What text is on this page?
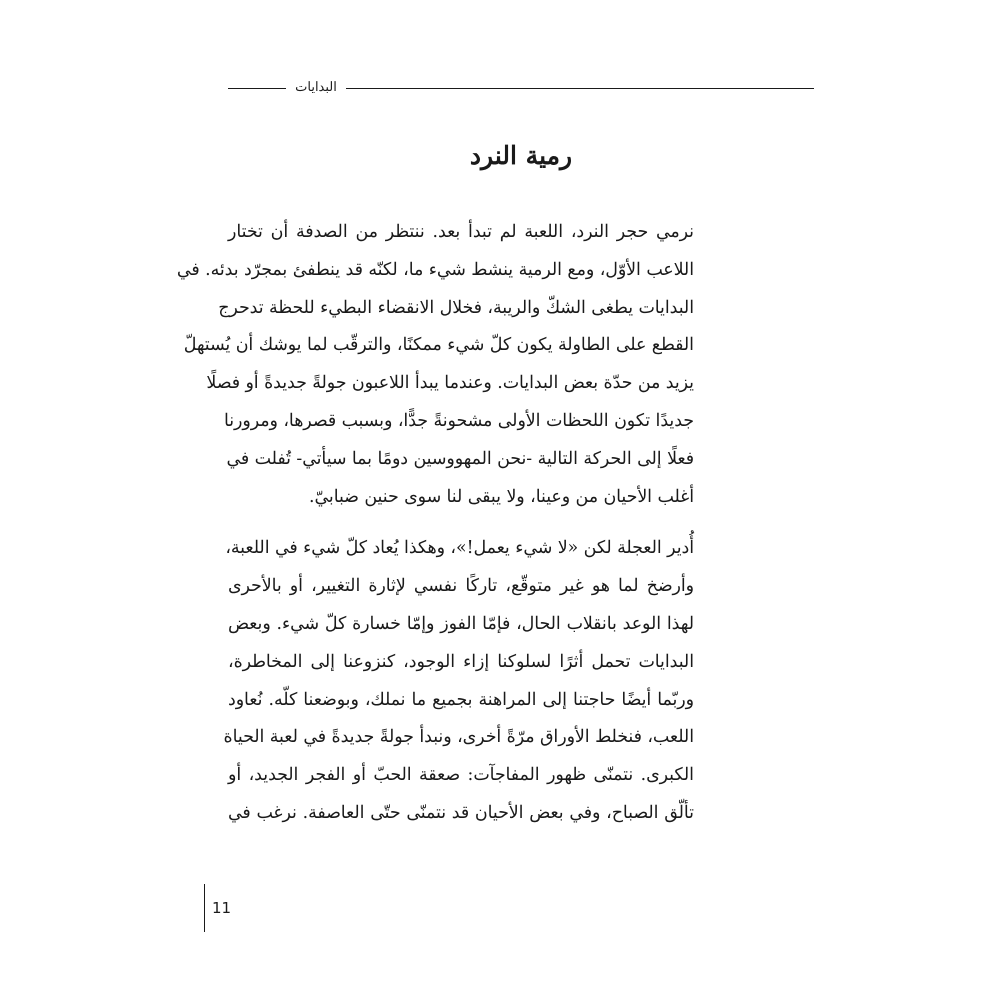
البدايات
رمية النرد
نرمي حجر النرد، اللعبة لم تبدأ بعد. ننتظر من الصدفة أن تختار
اللاعب الأوّل، ومع الرمية ينشط شيء ما، لكنّه قد ينطفئ بمجرّد بدئه. في
البدايات يطغى الشكّ والريبة، فخلال الانقضاء البطيء للحظة تدحرج
القطع على الطاولة يكون كلّ شيء ممكنًا، والترقّب لما يوشك أن يُستهلّ
يزيد من حدّة بعض البدايات. وعندما يبدأ اللاعبون جولةً جديدةً أو فصلًا
جديدًا تكون اللحظات الأولى مشحونةً جدًّا، وبسبب قصرها، ومرورنا
فعلًا إلى الحركة التالية -نحن المهووسين دومًا بما سيأتي- تُفلت في
أغلب الأحيان من وعينا، ولا يبقى لنا سوى حنين ضبابيّ.
أُدير العجلة لكن «لا شيء يعمل!»، وهكذا يُعاد كلّ شيء في اللعبة،
وأرضخ لما هو غير متوقّع، تاركًا نفسي لإثارة التغيير، أو بالأحرى
لهذا الوعد بانقلاب الحال، فإمّا الفوز وإمّا خسارة كلّ شيء. وبعض
البدايات تحمل أثرًا لسلوكنا إزاء الوجود، كنزوعنا إلى المخاطرة،
وربّما أيضًا حاجتنا إلى المراهنة بجميع ما نملك، وبوضعنا كلّه. نُعاود
اللعب، فنخلط الأوراق مرّةً أخرى، ونبدأ جولةً جديدةً في لعبة الحياة
الكبرى. نتمنّى ظهور المفاجآت: صعقة الحبّ أو الفجر الجديد، أو
تألّق الصباح، وفي بعض الأحيان قد نتمنّى حتّى العاصفة. نرغب في
11
